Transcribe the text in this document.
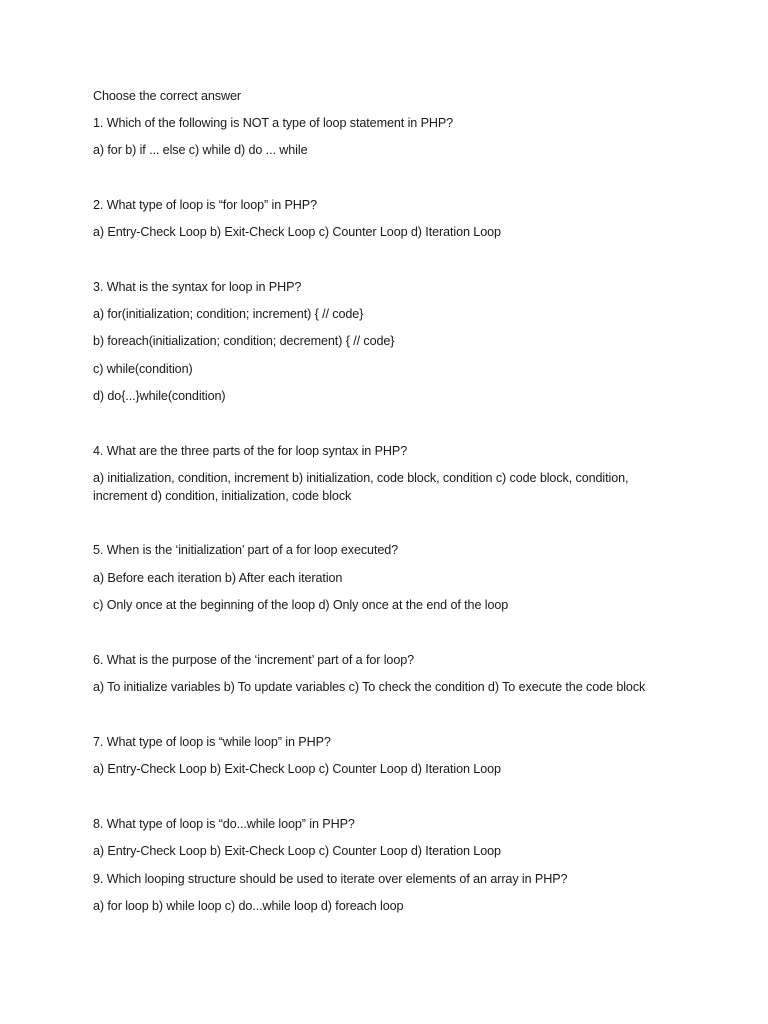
Choose the correct answer

1. Which of the following is NOT a type of loop statement in PHP?

a) for b) if ... else c) while d) do ... while

2. What type of loop is “for loop” in PHP?

a) Entry-Check Loop b) Exit-Check Loop c) Counter Loop d) Iteration Loop

3. What is the syntax for loop in PHP?

a) for(initialization; condition; increment) { // code}

b) foreach(initialization; condition; decrement) { // code}

c) while(condition)

d) do{...}while(condition)

4. What are the three parts of the for loop syntax in PHP?

a) initialization, condition, increment b) initialization, code block, condition c) code block, condition, increment d) condition, initialization, code block

5. When is the ‘initialization’ part of a for loop executed?

a) Before each iteration b) After each iteration

c) Only once at the beginning of the loop d) Only once at the end of the loop

6. What is the purpose of the ‘increment’ part of a for loop?

a) To initialize variables b) To update variables c) To check the condition d) To execute the code block

7. What type of loop is “while loop” in PHP?

a) Entry-Check Loop b) Exit-Check Loop c) Counter Loop d) Iteration Loop

8. What type of loop is “do...while loop” in PHP?

a) Entry-Check Loop b) Exit-Check Loop c) Counter Loop d) Iteration Loop

9. Which looping structure should be used to iterate over elements of an array in PHP?

a) for loop b) while loop c) do...while loop d) foreach loop
